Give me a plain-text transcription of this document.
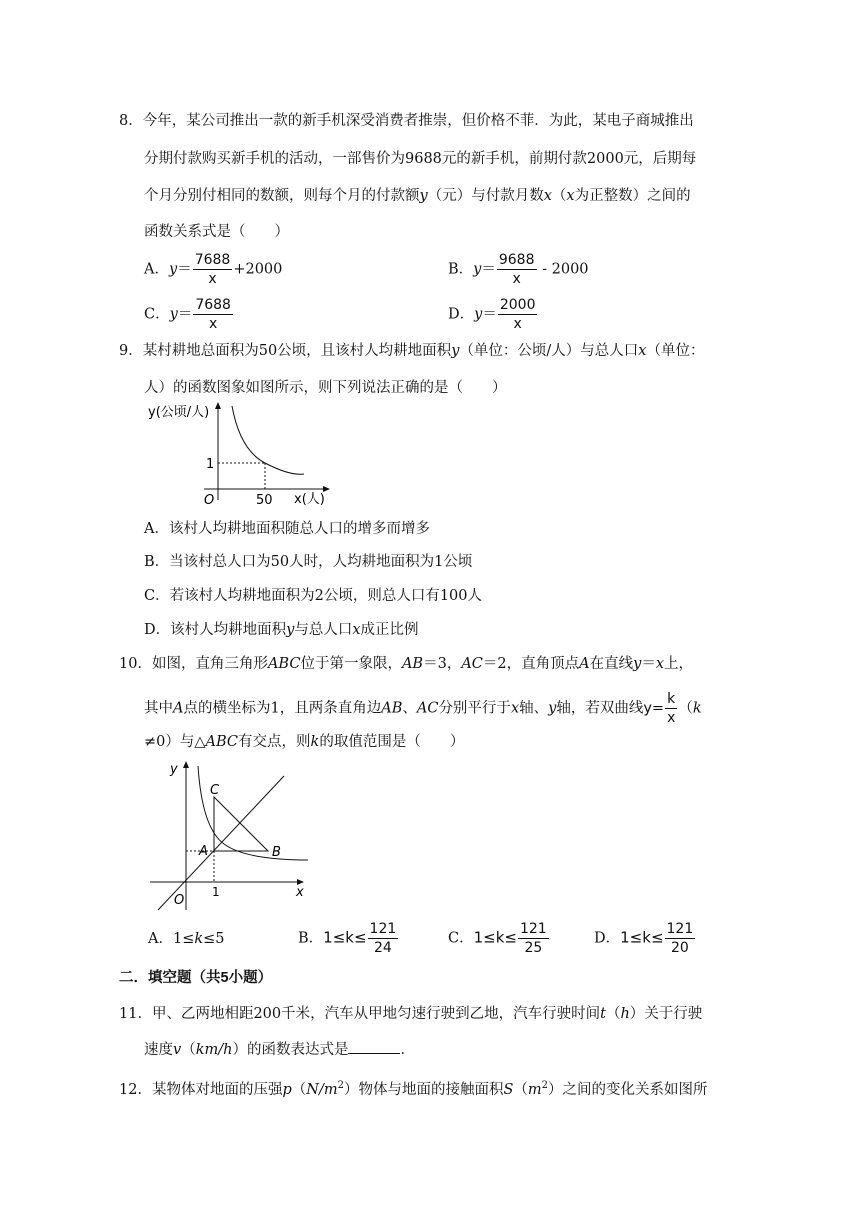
8．今年，某公司推出一款的新手机深受消费者推崇，但价格不菲．为此，某电子商城推出
分期付款购买新手机的活动，一部售价为9688元的新手机，前期付款2000元，后期每
个月分别付相同的数额，则每个月的付款额y（元）与付款月数x（x为正整数）之间的
函数关系式是（　　）
A．$y= \frac{7688}{x} +2000$	B．$y= \frac{9688}{x} - 2000$
C．$y= \frac{7688}{x}$	D．$y= \frac{2000}{x}$
9．某村耕地总面积为50公顷，且该村人均耕地面积y（单位：公顷/人）与总人口x（单位：
人）的函数图象如图所示，则下列说法正确的是（　　）
y(公顷/人)
x(人)
O
1
50
A．该村人均耕地面积随总人口的增多而增多
B．当该村总人口为50人时，人均耕地面积为1公顷
C．若该村人均耕地面积为2公顷，则总人口有100人
D．该村人均耕地面积y与总人口x成正比例
10．如图，直角三角形ABC位于第一象限，AB＝3，AC＝2，直角顶点A在直线y＝x上，
其中A点的横坐标为1，且两条直角边AB、AC分别平行于x轴、y轴，若双曲线$y= \frac{k}{x} (k$
≠0）与△ABC有交点，则k的取值范围是（　　）
y
x
O
1
A	B
C
A．1≤k≤5	B．$1\le k\le \frac{121}{24}$	C．$1\le k\le \frac{121}{25}$	D．$1\le k\le \frac{121}{20}$
二．填空题（共5小题）
11．甲、乙两地相距200千米，汽车从甲地匀速行驶到乙地，汽车行驶时间t（h）关于行驶
速度v（km/h）的函数表达式是	．
12．某物体对地面的压强$p(N/m^2)$物体与地面的接触面积$S(m^2)$之间的变化关系如图所
